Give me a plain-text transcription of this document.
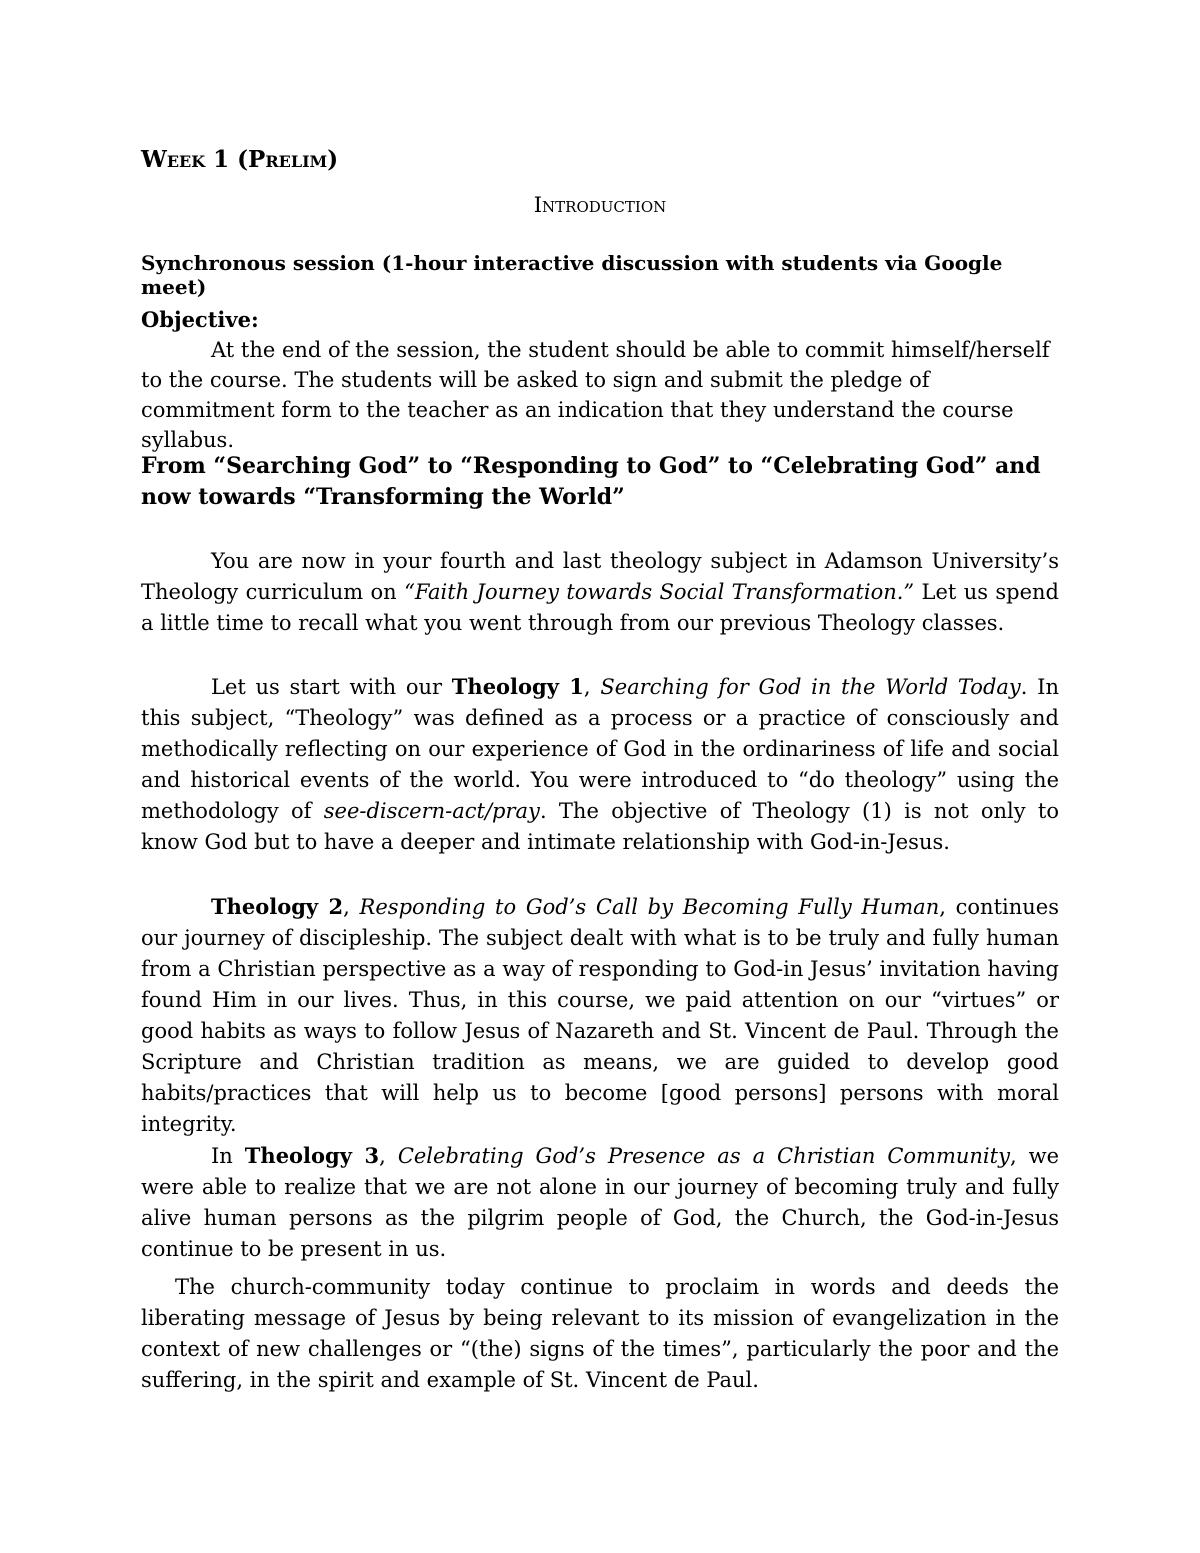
Week 1 (Prelim)
Introduction
Synchronous session (1-hour interactive discussion with students via Google meet)
Objective:
At the end of the session, the student should be able to commit himself/herself to the course. The students will be asked to sign and submit the pledge of commitment form to the teacher as an indication that they understand the course syllabus.
From “Searching God” to “Responding to God” to “Celebrating God” and now towards “Transforming the World”
You are now in your fourth and last theology subject in Adamson University’s Theology curriculum on “Faith Journey towards Social Transformation.” Let us spend a little time to recall what you went through from our previous Theology classes.
Let us start with our Theology 1, Searching for God in the World Today. In this subject, “Theology” was defined as a process or a practice of consciously and methodically reflecting on our experience of God in the ordinariness of life and social and historical events of the world. You were introduced to “do theology” using the methodology of see-discern-act/pray. The objective of Theology (1) is not only to know God but to have a deeper and intimate relationship with God-in-Jesus.
Theology 2, Responding to God’s Call by Becoming Fully Human, continues our journey of discipleship. The subject dealt with what is to be truly and fully human from a Christian perspective as a way of responding to God-in Jesus’ invitation having found Him in our lives. Thus, in this course, we paid attention on our “virtues” or good habits as ways to follow Jesus of Nazareth and St. Vincent de Paul. Through the Scripture and Christian tradition as means, we are guided to develop good habits/practices that will help us to become [good persons] persons with moral integrity.
In Theology 3, Celebrating God’s Presence as a Christian Community, we were able to realize that we are not alone in our journey of becoming truly and fully alive human persons as the pilgrim people of God, the Church, the God-in-Jesus continue to be present in us.
The church-community today continue to proclaim in words and deeds the liberating message of Jesus by being relevant to its mission of evangelization in the context of new challenges or “(the) signs of the times”, particularly the poor and the suffering, in the spirit and example of St. Vincent de Paul.
